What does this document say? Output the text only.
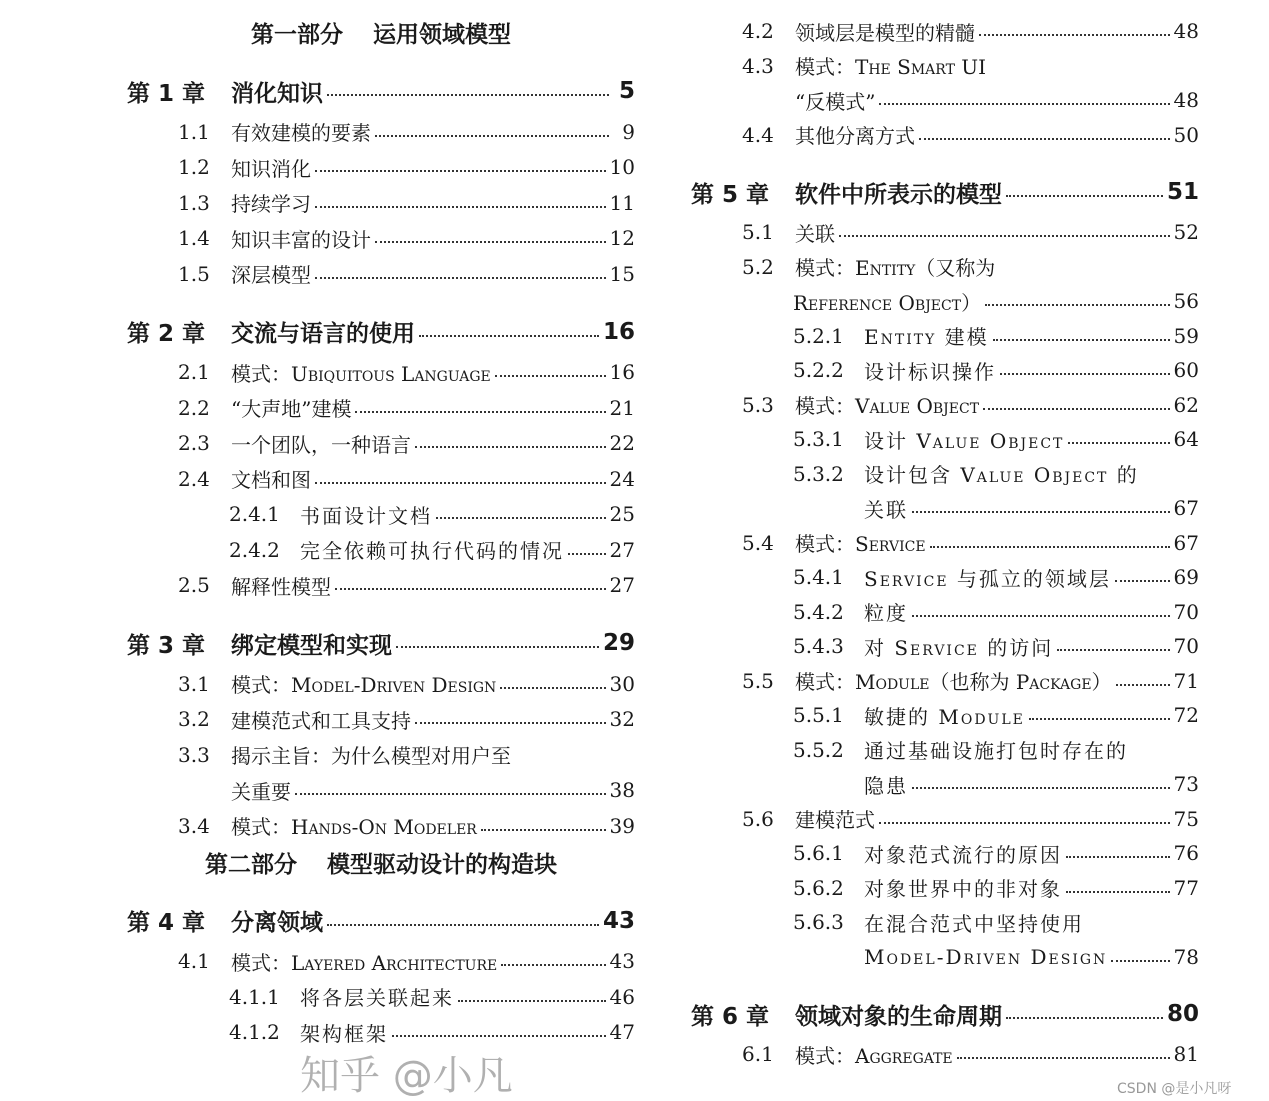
第一部分 运用领域模型
第 1 章	消化知识	5
1.1	有效建模的要素	9
1.2	知识消化	10
1.3	持续学习	11
1.4	知识丰富的设计	12
1.5	深层模型	15
第 2 章	交流与语言的使用	16
2.1	模式：Ubiquitous Language	16
2.2	“大声地”建模	21
2.3	一个团队，一种语言	22
2.4	文档和图	24
2.4.1	书面设计文档	25
2.4.2	完全依赖可执行代码的情况 27
2.5	解释性模型	27
第 3 章	绑定模型和实现	29
3.1	模式：Model-Driven Design	30
3.2	建模范式和工具支持	32
3.3	揭示主旨：为什么模型对用户至
关重要	38
3.4	模式：Hands-On Modeler	39
第二部分 模型驱动设计的构造块
第 4 章	分离领域	43
4.1	模式：Layered Architecture	43
4.1.1	将各层关联起来	46
4.1.2	架构框架	47
4.2	领域层是模型的精髓	48
4.3	模式：The Smart UI
“反模式”	48
4.4	其他分离方式	50
第 5 章	软件中所表示的模型	51
5.1	关联	52
5.2	模式：Entity（又称为
Reference Object）	56
5.2.1	Entity 建模	59
5.2.2	设计标识操作	60
5.3	模式：Value Object	62
5.3.1	设计 Value Object	64
5.3.2	设计包含 Value Object 的
关联	67
5.4	模式：Service	67
5.4.1	Service 与孤立的领域层	69
5.4.2	粒度	70
5.4.3	对 Service 的访问	70
5.5	模式：Module（也称为 Package）	71
5.5.1	敏捷的 Module	72
5.5.2	通过基础设施打包时存在的
隐患	73
5.6	建模范式	75
5.6.1	对象范式流行的原因	76
5.6.2	对象世界中的非对象	77
5.6.3	在混合范式中坚持使用
Model-Driven Design	78
第 6 章	领域对象的生命周期	80
6.1	模式：Aggregate	81
知乎 @小凡	CSDN @是小凡呀
